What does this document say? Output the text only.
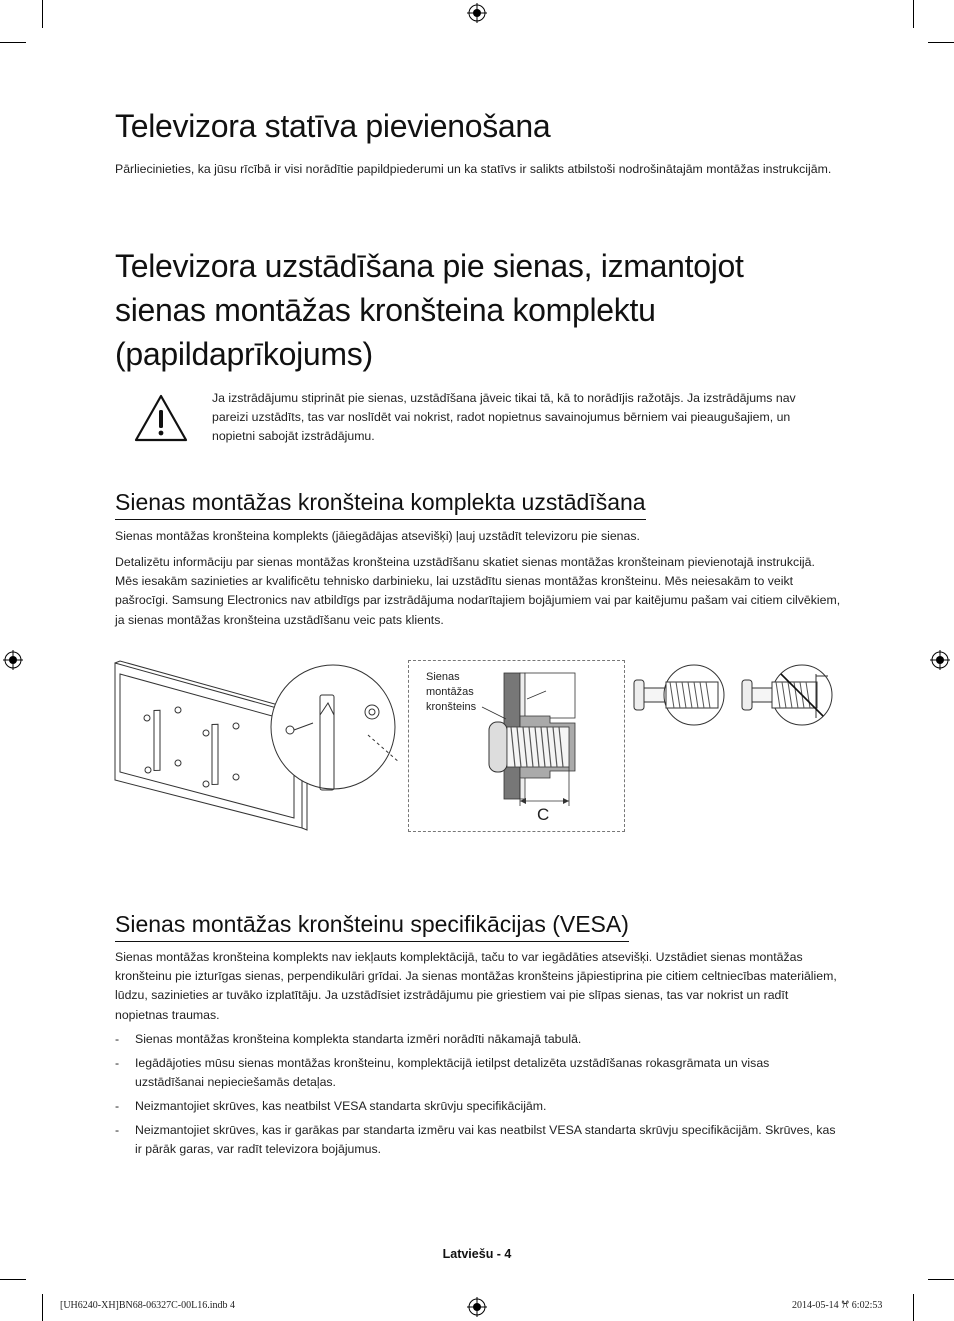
Televizora statīva pievienošana

Pārliecinieties, ka jūsu rīcībā ir visi norādītie papildpiederumi un ka statīvs ir salikts atbilstoši nodrošinātajām montāžas instrukcijām.

Televizora uzstādīšana pie sienas, izmantojot
sienas montāžas kronšteina komplektu
(papildaprīkojums)

Ja izstrādājumu stiprināt pie sienas, uzstādīšana jāveic tikai tā, kā to norādījis ražotājs. Ja izstrādājums nav pareizi uzstādīts, tas var noslīdēt vai nokrist, radot nopietnus savainojumus bērniem vai pieaugušajiem, un nopietni sabojāt izstrādājumu.

Sienas montāžas kronšteina komplekta uzstādīšana

Sienas montāžas kronšteina komplekts (jāiegādājas atsevišķi) ļauj uzstādīt televizoru pie sienas.

Detalizētu informāciju par sienas montāžas kronšteina uzstādīšanu skatiet sienas montāžas kronšteinam pievienotajā instrukcijā. Mēs iesakām sazinieties ar kvalificētu tehnisko darbinieku, lai uzstādītu sienas montāžas kronšteinu. Mēs neiesakām to veikt pašrocīgi. Samsung Electronics nav atbildīgs par izstrādājuma nodarītajiem bojājumiem vai par kaitējumu pašam vai citiem cilvēkiem, ja sienas montāžas kronšteina uzstādīšanu veic pats klients.

Sienas
montāžas
kronšteins
C
Sienas montāžas kronšteinu specifikācijas (VESA)

Sienas montāžas kronšteina komplekts nav iekļauts komplektācijā, taču to var iegādāties atsevišķi. Uzstādiet sienas montāžas kronšteinu pie izturīgas sienas, perpendikulāri grīdai. Ja sienas montāžas kronšteins jāpiestiprina pie citiem celtniecības materiāliem, lūdzu, sazinieties ar tuvāko izplatītāju. Ja uzstādīsiet izstrādājumu pie griestiem vai pie slīpas sienas, tas var nokrist un radīt nopietnas traumas.

-	Sienas montāžas kronšteina komplekta standarta izmēri norādīti nākamajā tabulā.
-	Iegādājoties mūsu sienas montāžas kronšteinu, komplektācijā ietilpst detalizēta uzstādīšanas rokasgrāmata un visas uzstādīšanai nepieciešamās detaļas.
-	Neizmantojiet skrūves, kas neatbilst VESA standarta skrūvju specifikācijām.
-	Neizmantojiet skrūves, kas ir garākas par standarta izmēru vai kas neatbilst VESA standarta skrūvju specifikācijām. Skrūves, kas ir pārāk garas, var radīt televizora bojājumus.
Latviešu - 4
[UH6240-XH]BN68-06327C-00L16.indb 4	2014-05-14 ꕮ 6:02:53
